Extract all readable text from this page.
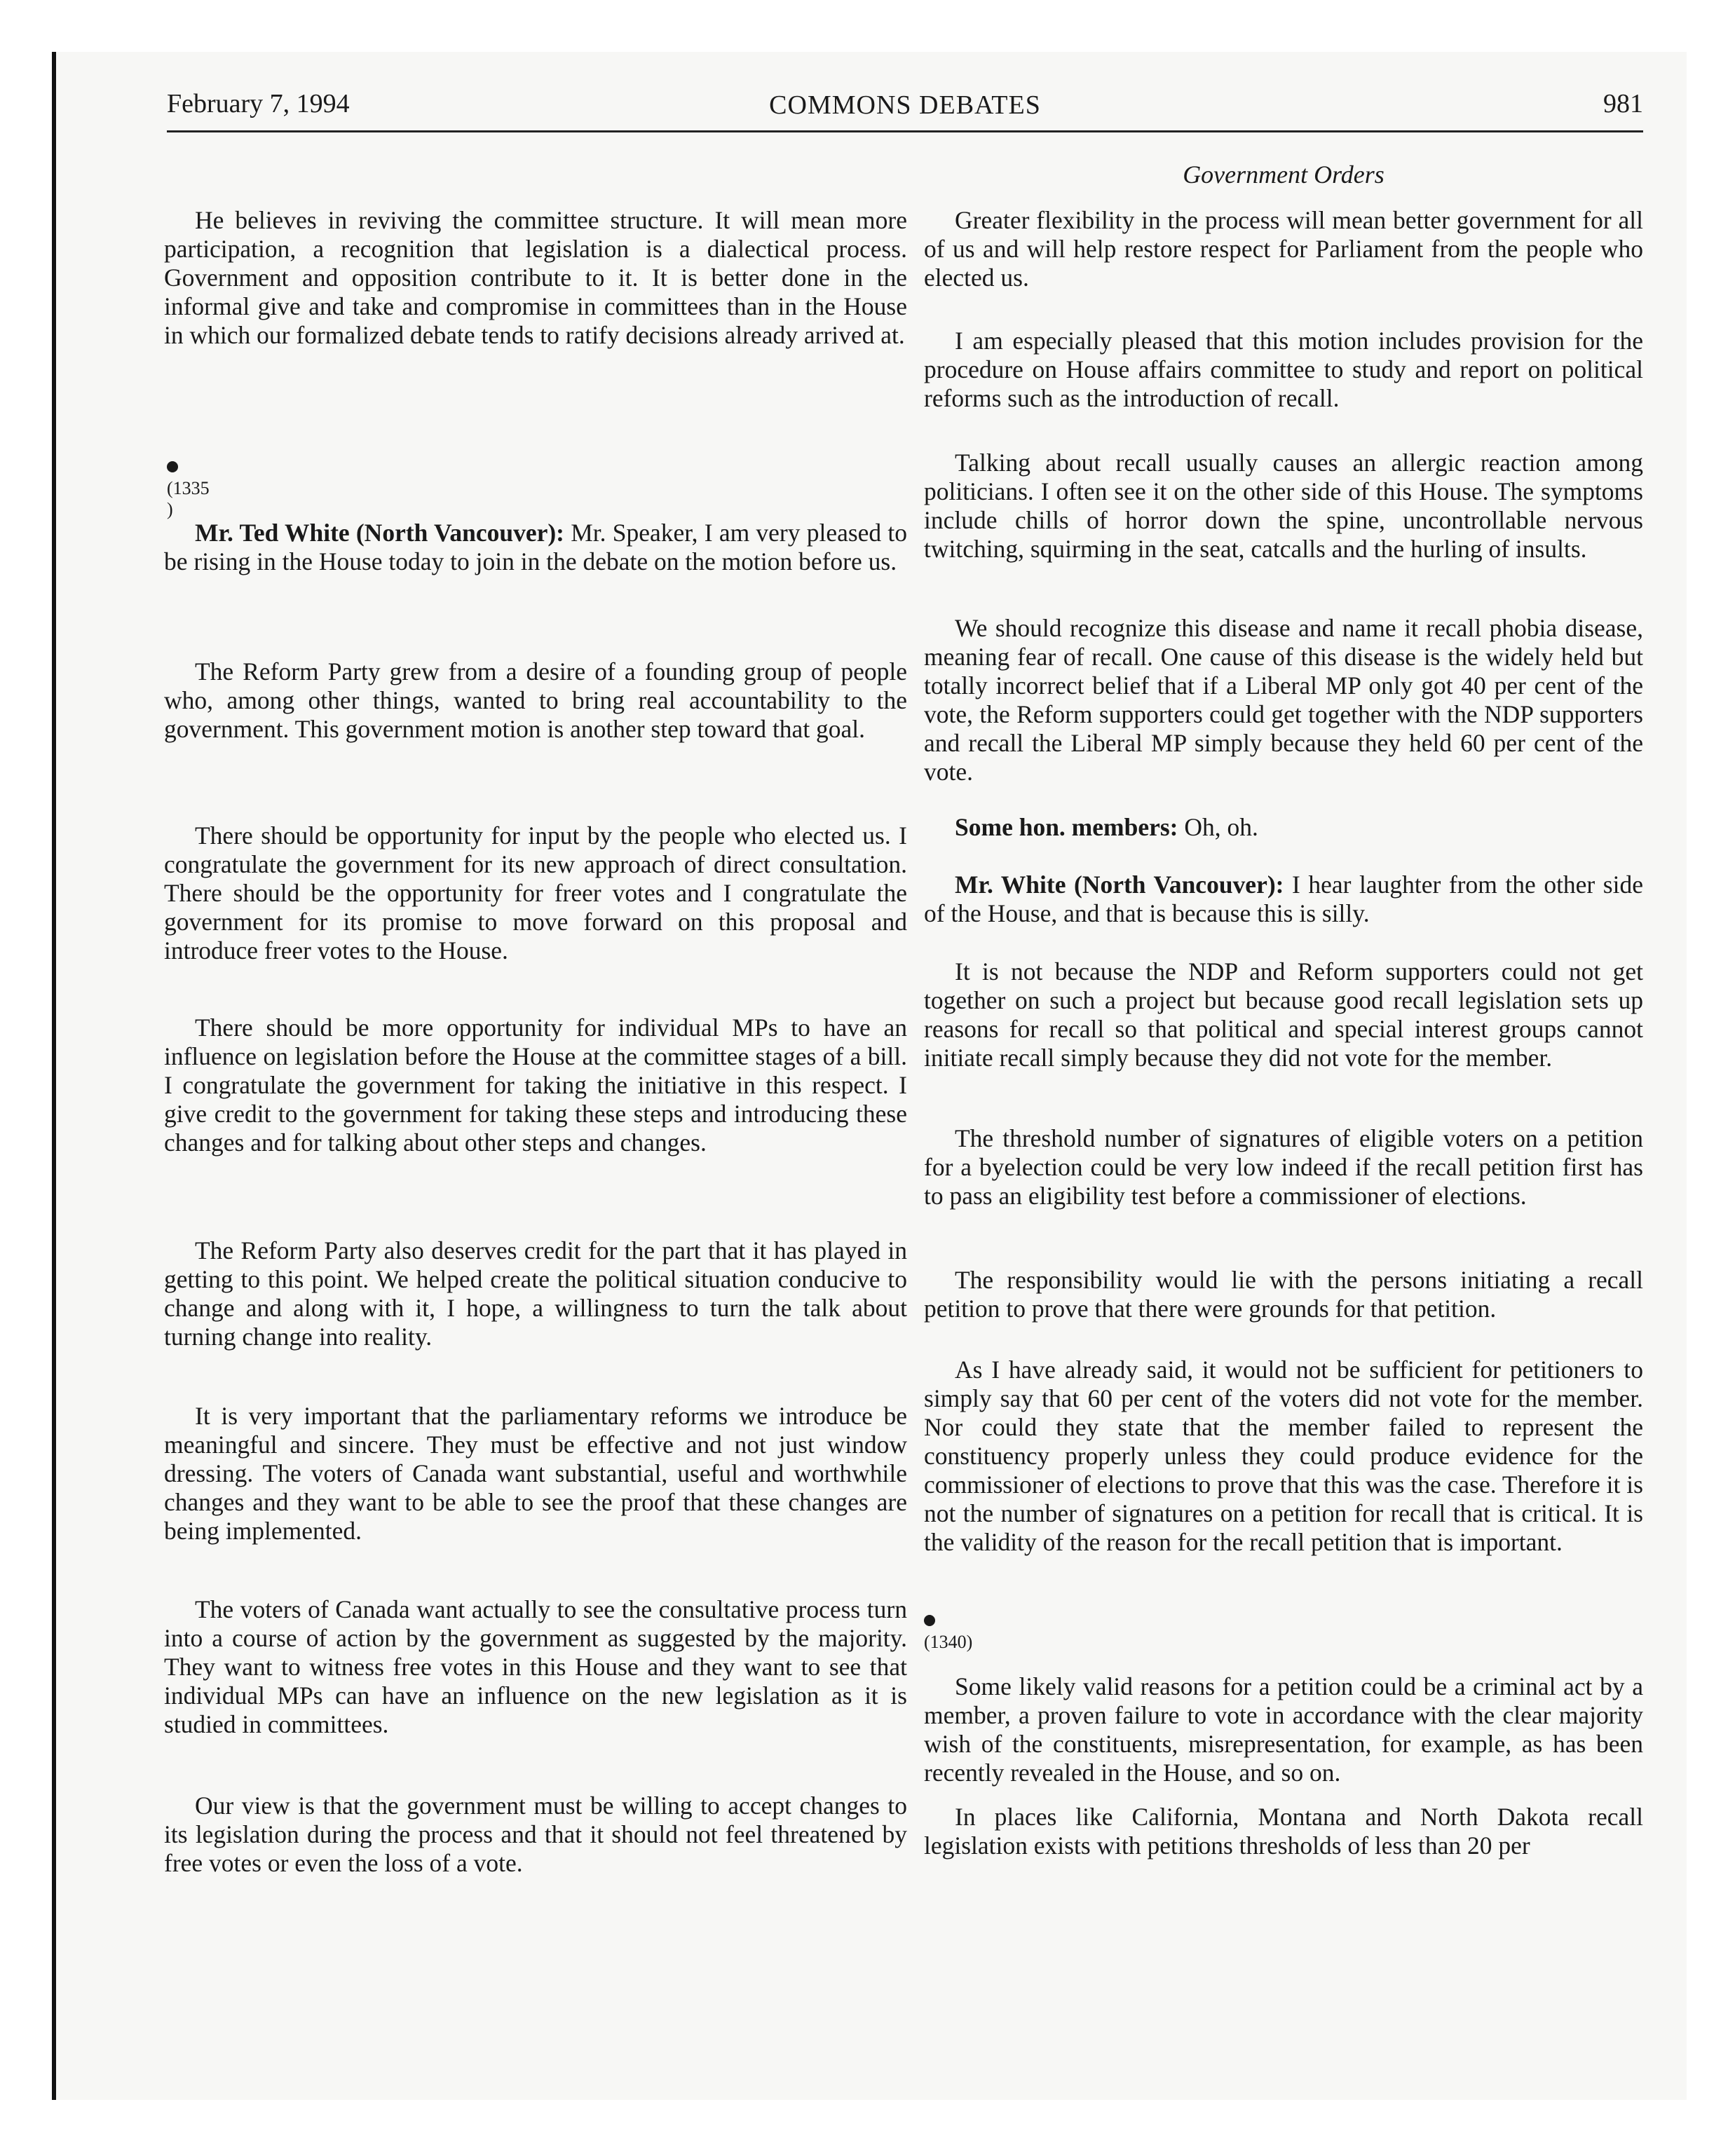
February 7, 1994	COMMONS DEBATES	981
Government Orders

He believes in reviving the committee structure. It will mean more participation, a recognition that legislation is a dialectical process. Government and opposition contribute to it. It is better done in the informal give and take and compromise in committees than in the House in which our formalized debate tends to ratify decisions already arrived at.

(1335 )

Mr. Ted White (North Vancouver): Mr. Speaker, I am very pleased to be rising in the House today to join in the debate on the motion before us.

The Reform Party grew from a desire of a founding group of people who, among other things, wanted to bring real accountability to the government. This government motion is another step toward that goal.

There should be opportunity for input by the people who elected us. I congratulate the government for its new approach of direct consultation. There should be the opportunity for freer votes and I congratulate the government for its promise to move forward on this proposal and introduce freer votes to the House.

There should be more opportunity for individual MPs to have an influence on legislation before the House at the committee stages of a bill. I congratulate the government for taking the initiative in this respect. I give credit to the government for taking these steps and introducing these changes and for talking about other steps and changes.

The Reform Party also deserves credit for the part that it has played in getting to this point. We helped create the political situation conducive to change and along with it, I hope, a willingness to turn the talk about turning change into reality.

It is very important that the parliamentary reforms we introduce be meaningful and sincere. They must be effective and not just window dressing. The voters of Canada want substantial, useful and worthwhile changes and they want to be able to see the proof that these changes are being implemented.

The voters of Canada want actually to see the consultative process turn into a course of action by the government as suggested by the majority. They want to witness free votes in this House and they want to see that individual MPs can have an influence on the new legislation as it is studied in committees.

Our view is that the government must be willing to accept changes to its legislation during the process and that it should not feel threatened by free votes or even the loss of a vote.

Greater flexibility in the process will mean better government for all of us and will help restore respect for Parliament from the people who elected us.

I am especially pleased that this motion includes provision for the procedure on House affairs committee to study and report on political reforms such as the introduction of recall.

Talking about recall usually causes an allergic reaction among politicians. I often see it on the other side of this House. The symptoms include chills of horror down the spine, uncontrollable nervous twitching, squirming in the seat, catcalls and the hurling of insults.

We should recognize this disease and name it recall phobia disease, meaning fear of recall. One cause of this disease is the widely held but totally incorrect belief that if a Liberal MP only got 40 per cent of the vote, the Reform supporters could get together with the NDP supporters and recall the Liberal MP simply because they held 60 per cent of the vote.

Some hon. members: Oh, oh.

Mr. White (North Vancouver): I hear laughter from the other side of the House, and that is because this is silly.

It is not because the NDP and Reform supporters could not get together on such a project but because good recall legislation sets up reasons for recall so that political and special interest groups cannot initiate recall simply because they did not vote for the member.

The threshold number of signatures of eligible voters on a petition for a byelection could be very low indeed if the recall petition first has to pass an eligibility test before a commissioner of elections.

The responsibility would lie with the persons initiating a recall petition to prove that there were grounds for that petition.

As I have already said, it would not be sufficient for petitioners to simply say that 60 per cent of the voters did not vote for the member. Nor could they state that the member failed to represent the constituency properly unless they could produce evidence for the commissioner of elections to prove that this was the case. Therefore it is not the number of signatures on a petition for recall that is critical. It is the validity of the reason for the recall petition that is important.

(1340)

Some likely valid reasons for a petition could be a criminal act by a member, a proven failure to vote in accordance with the clear majority wish of the constituents, misrepresentation, for example, as has been recently revealed in the House, and so on.

In places like California, Montana and North Dakota recall legislation exists with petitions thresholds of less than 20 per
